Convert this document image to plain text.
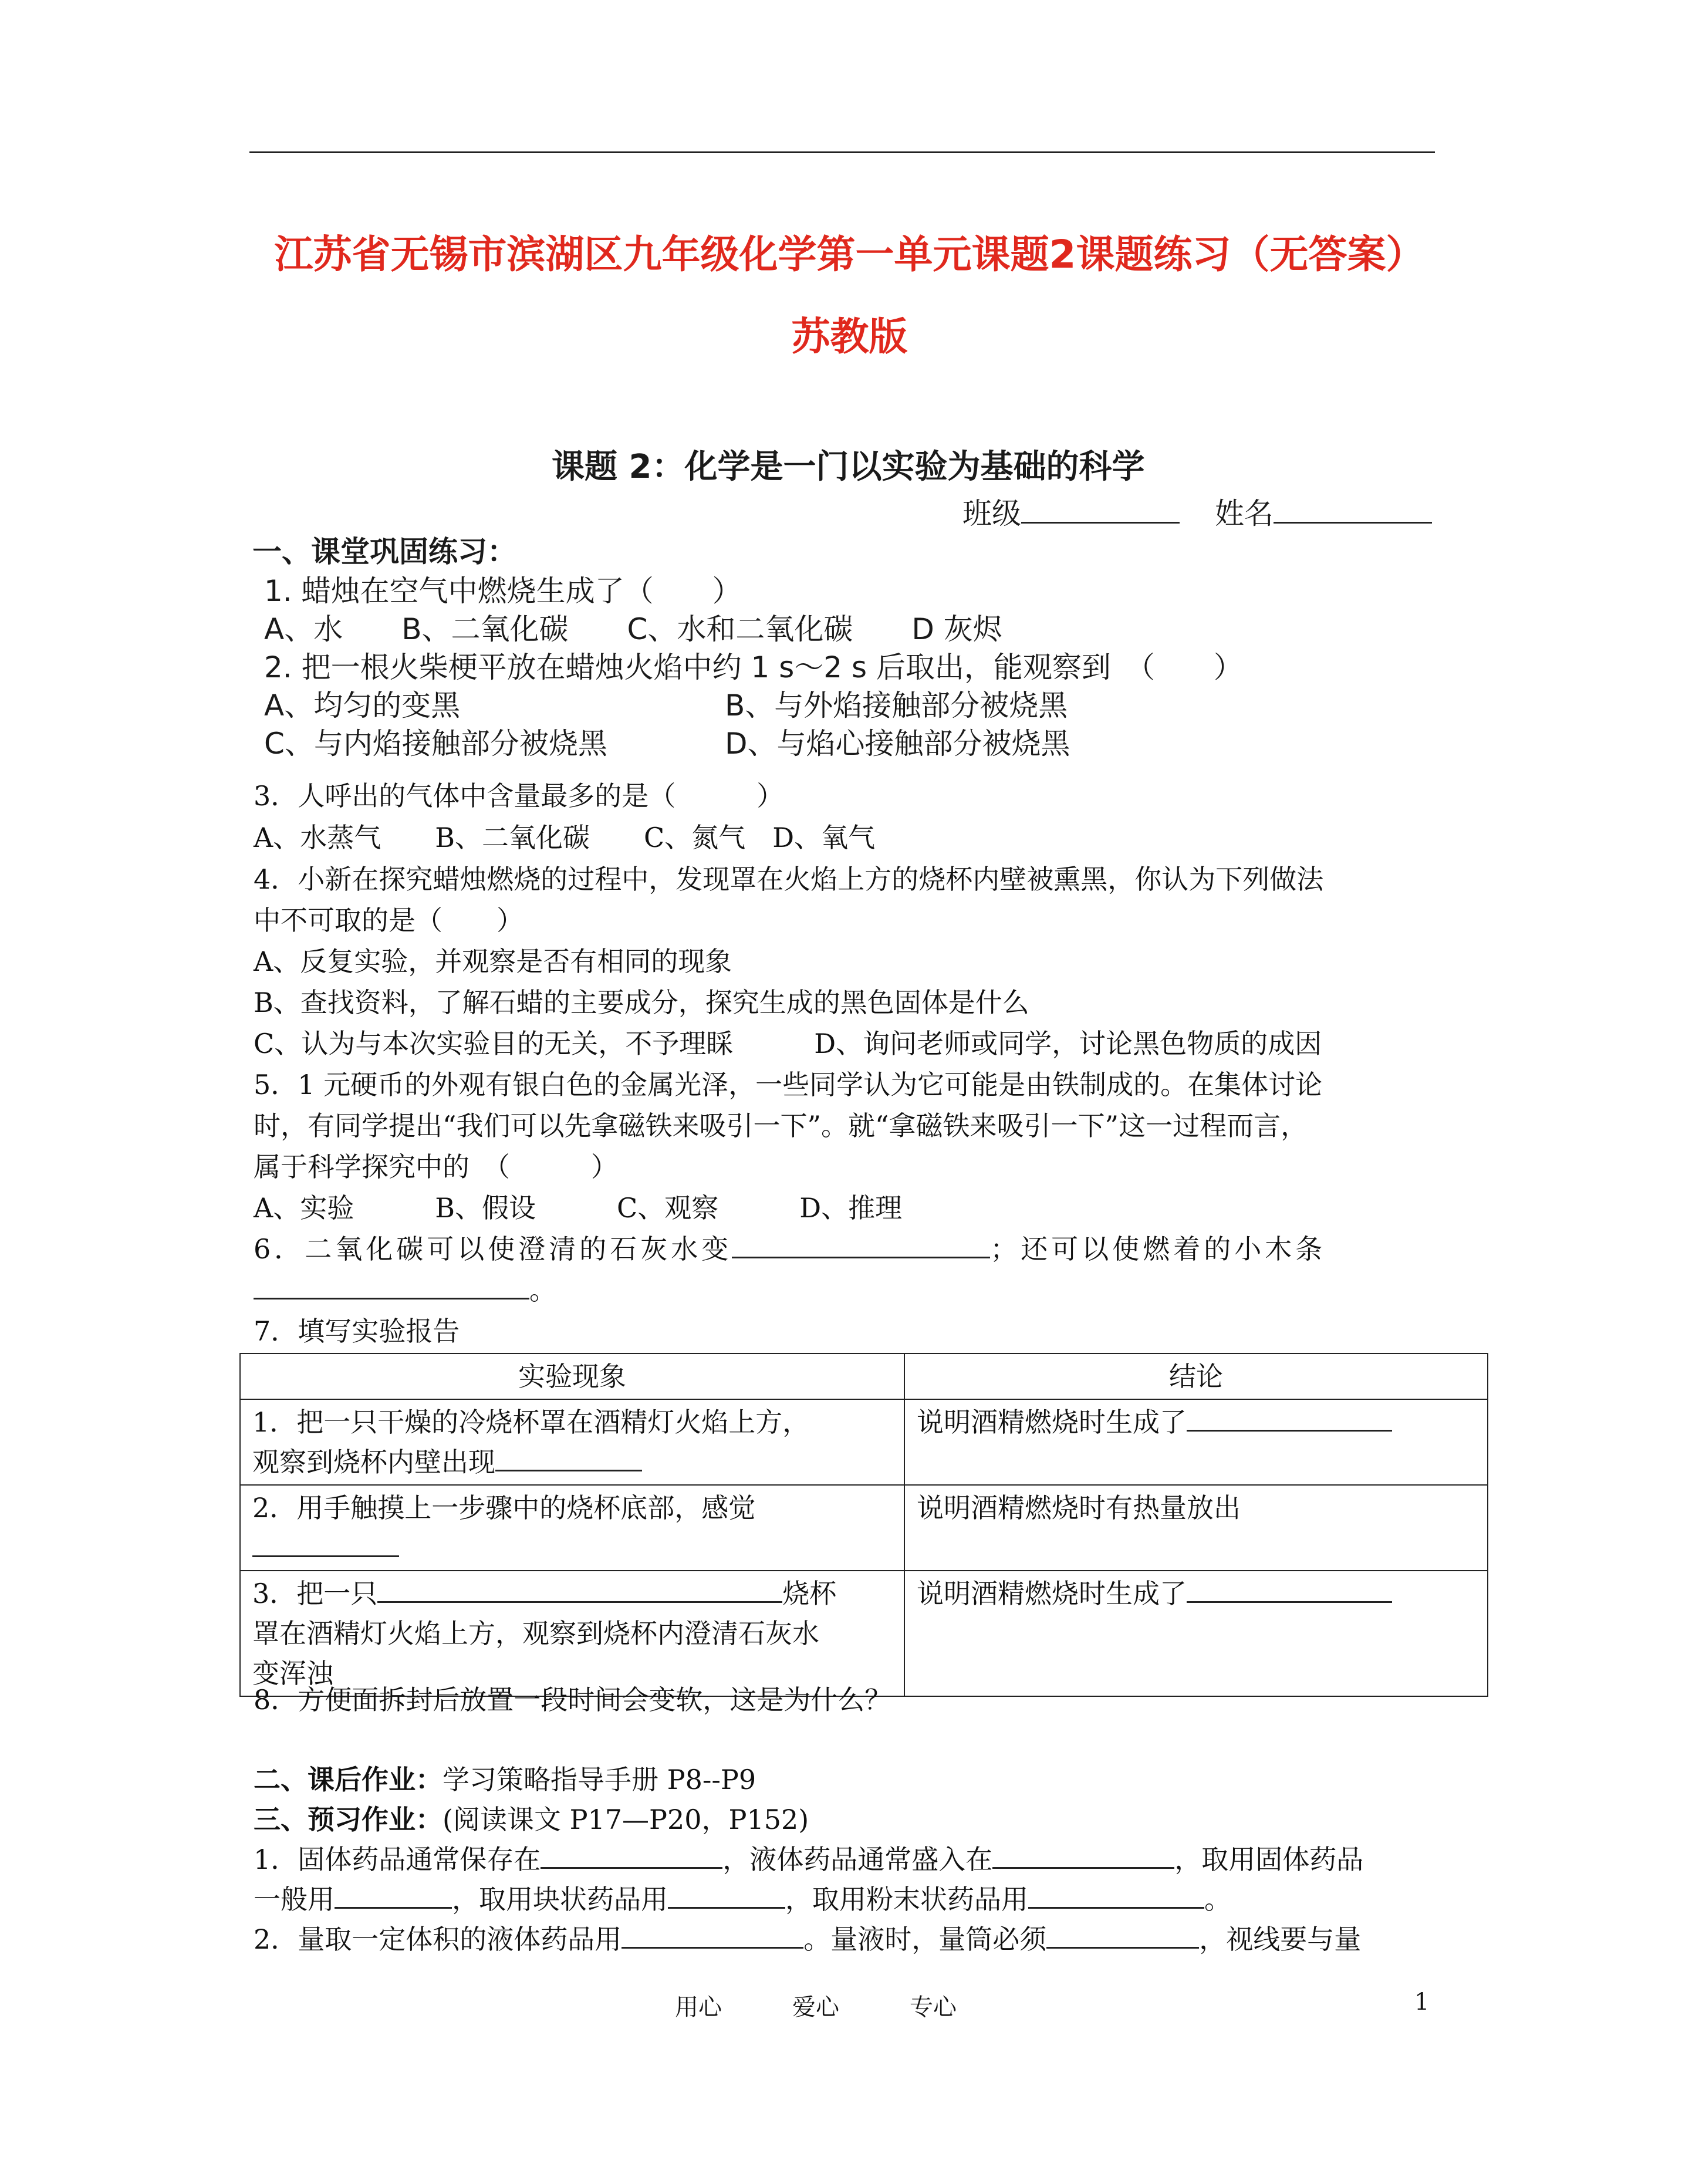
江苏省无锡市滨湖区九年级化学第一单元课题2课题练习（无答案）
苏教版
课题 2：化学是一门以实验为基础的科学
班级	姓名
一、课堂巩固练习：
1. 蜡烛在空气中燃烧生成了（　　）
A、水　　B、二氧化碳　　C、水和二氧化碳　　D 灰烬
2. 把一根火柴梗平放在蜡烛火焰中约 1 s～2 s 后取出，能观察到　（　　）
A、均匀的变黑	B、与外焰接触部分被烧黑
C、与内焰接触部分被烧黑	D、与焰心接触部分被烧黑
3．人呼出的气体中含量最多的是（　　　）
A、水蒸气　　B、二氧化碳　　C、氮气　D、氧气
4．小新在探究蜡烛燃烧的过程中，发现罩在火焰上方的烧杯内壁被熏黑，你认为下列做法
中不可取的是（　　）
A、反复实验，并观察是否有相同的现象
B、查找资料，了解石蜡的主要成分，探究生成的黑色固体是什么
C、认为与本次实验目的无关，不予理睬　　　D、询问老师或同学，讨论黑色物质的成因
5．1 元硬币的外观有银白色的金属光泽，一些同学认为它可能是由铁制成的。在集体讨论
时，有同学提出“我们可以先拿磁铁来吸引一下”。就“拿磁铁来吸引一下”这一过程而言，
属于科学探究中的　（　　　）
A、实验　　　B、假设　　　C、观察　　　D、推理
6．二氧化碳可以使澄清的石灰水变	；还可以使燃着的小木条
。
7．填写实验报告
实验现象	结论

1．把一只干燥的冷烧杯罩在酒精灯火焰上方，
观察到烧杯内壁出现	说明酒精燃烧时生成了

2．用手触摸上一步骤中的烧杯底部，感觉	说明酒精燃烧时有热量放出

3．把一只 烧杯
罩在酒精灯火焰上方，观察到烧杯内澄清石灰水
变浑浊	说明酒精燃烧时生成了
8．方便面拆封后放置一段时间会变软，这是为什么？
二、课后作业：学习策略指导手册 P8--P9
三、预习作业：(阅读课文 P17—P20，P152)
1．固体药品通常保存在	，液体药品通常盛入在	，取用固体药品
一般用	，取用块状药品用	，取用粉末状药品用	。
2．量取一定体积的液体药品用	。量液时，量筒必须	，视线要与量
用心　　　爱心　　　专心	1
